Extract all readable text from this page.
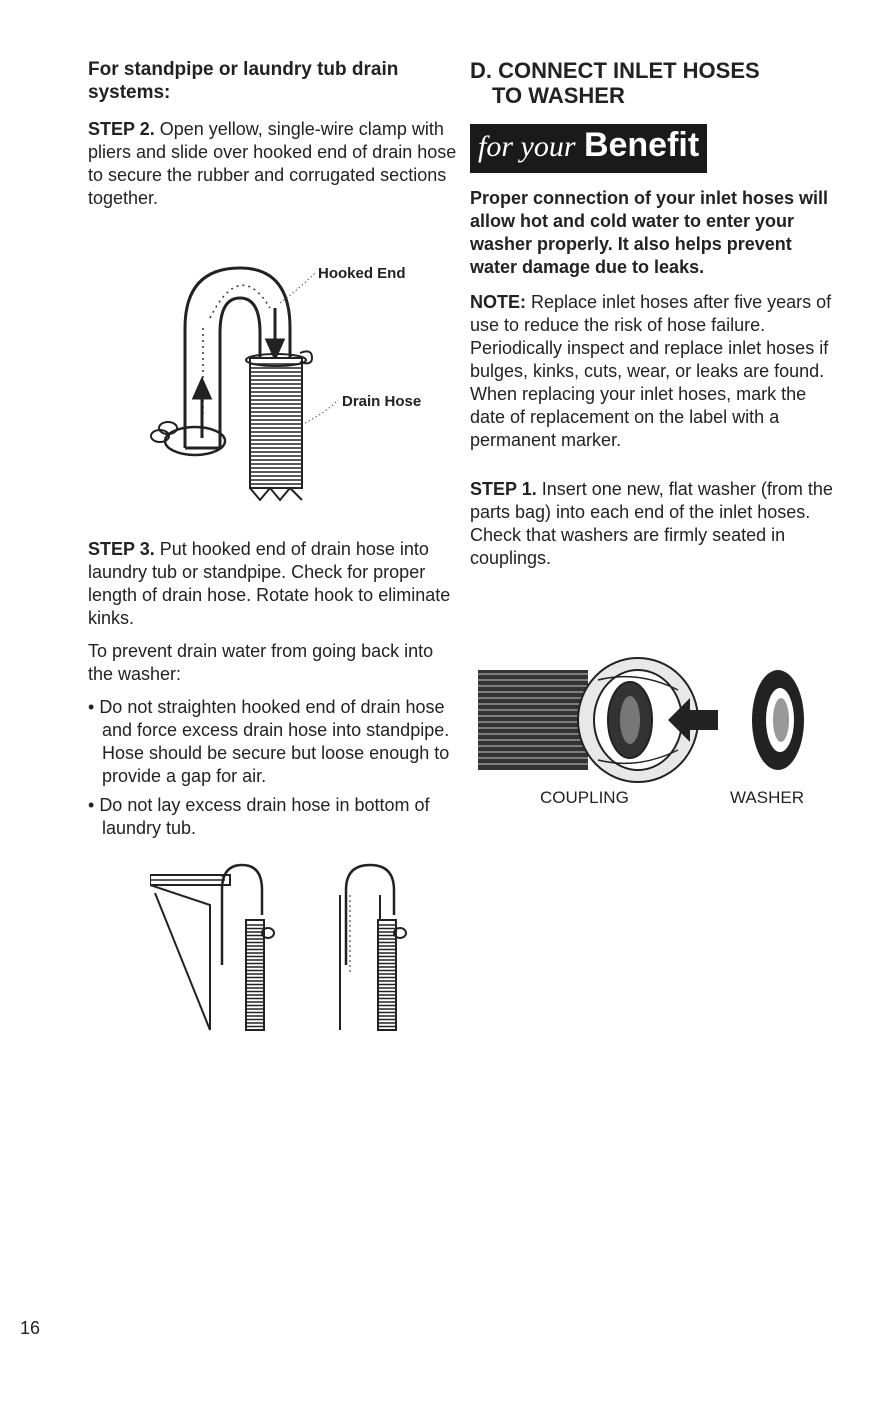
For standpipe or laundry tub drain systems:

STEP 2. Open yellow, single-wire clamp with pliers and slide over hooked end of drain hose to secure the rubber and corrugated sections together.

Hooked End
Drain Hose

STEP 3. Put hooked end of drain hose into laundry tub or standpipe. Check for proper length of drain hose. Rotate hook to eliminate kinks.

To prevent drain water from going back into the washer:

• Do not straighten hooked end of drain hose and force excess drain hose into standpipe. Hose should be secure but loose enough to provide a gap for air.

• Do not lay excess drain hose in bottom of laundry tub.

D. CONNECT INLET HOSES
TO WASHER
for your Benefit

Proper connection of your inlet hoses will allow hot and cold water to enter your washer properly. It also helps prevent water damage due to leaks.

NOTE: Replace inlet hoses after five years of use to reduce the risk of hose failure. Periodically inspect and replace inlet hoses if bulges, kinks, cuts, wear, or leaks are found. When replacing your inlet hoses, mark the date of replacement on the label with a permanent marker.

STEP 1. Insert one new, flat washer (from the parts bag) into each end of the inlet hoses. Check that washers are firmly seated in couplings.

COUPLING	WASHER
16
